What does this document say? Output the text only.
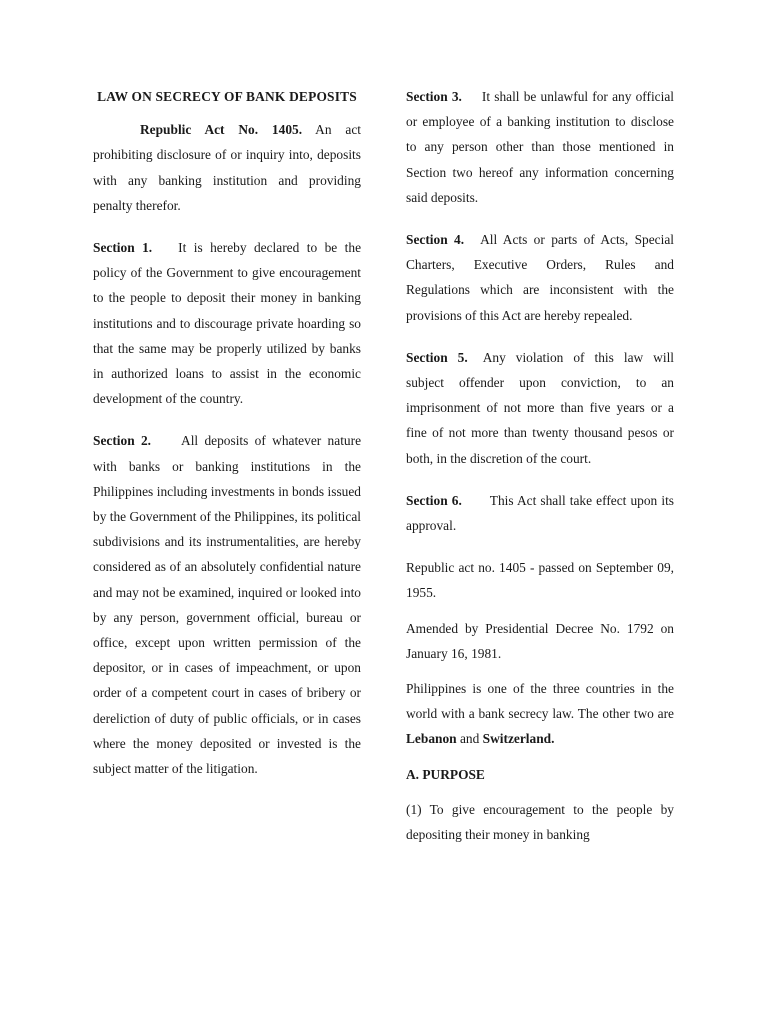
LAW ON SECRECY OF BANK DEPOSITS

Republic Act No. 1405. An act prohibiting disclosure of or inquiry into, deposits with any banking institution and providing penalty therefor.

Section 1. It is hereby declared to be the policy of the Government to give encouragement to the people to deposit their money in banking institutions and to discourage private hoarding so that the same may be properly utilized by banks in authorized loans to assist in the economic development of the country.

Section 2. All deposits of whatever nature with banks or banking institutions in the Philippines including investments in bonds issued by the Government of the Philippines, its political subdivisions and its instrumentalities, are hereby considered as of an absolutely confidential nature and may not be examined, inquired or looked into by any person, government official, bureau or office, except upon written permission of the depositor, or in cases of impeachment, or upon order of a competent court in cases of bribery or dereliction of duty of public officials, or in cases where the money deposited or invested is the subject matter of the litigation.

Section 3. It shall be unlawful for any official or employee of a banking institution to disclose to any person other than those mentioned in Section two hereof any information concerning said deposits.

Section 4. All Acts or parts of Acts, Special Charters, Executive Orders, Rules and Regulations which are inconsistent with the provisions of this Act are hereby repealed.

Section 5. Any violation of this law will subject offender upon conviction, to an imprisonment of not more than five years or a fine of not more than twenty thousand pesos or both, in the discretion of the court.

Section 6. This Act shall take effect upon its approval.

Republic act no. 1405 - passed on September 09, 1955.

Amended by Presidential Decree No. 1792 on January 16, 1981.

Philippines is one of the three countries in the world with a bank secrecy law. The other two are Lebanon and Switzerland.

A. PURPOSE

(1) To give encouragement to the people by depositing their money in banking
